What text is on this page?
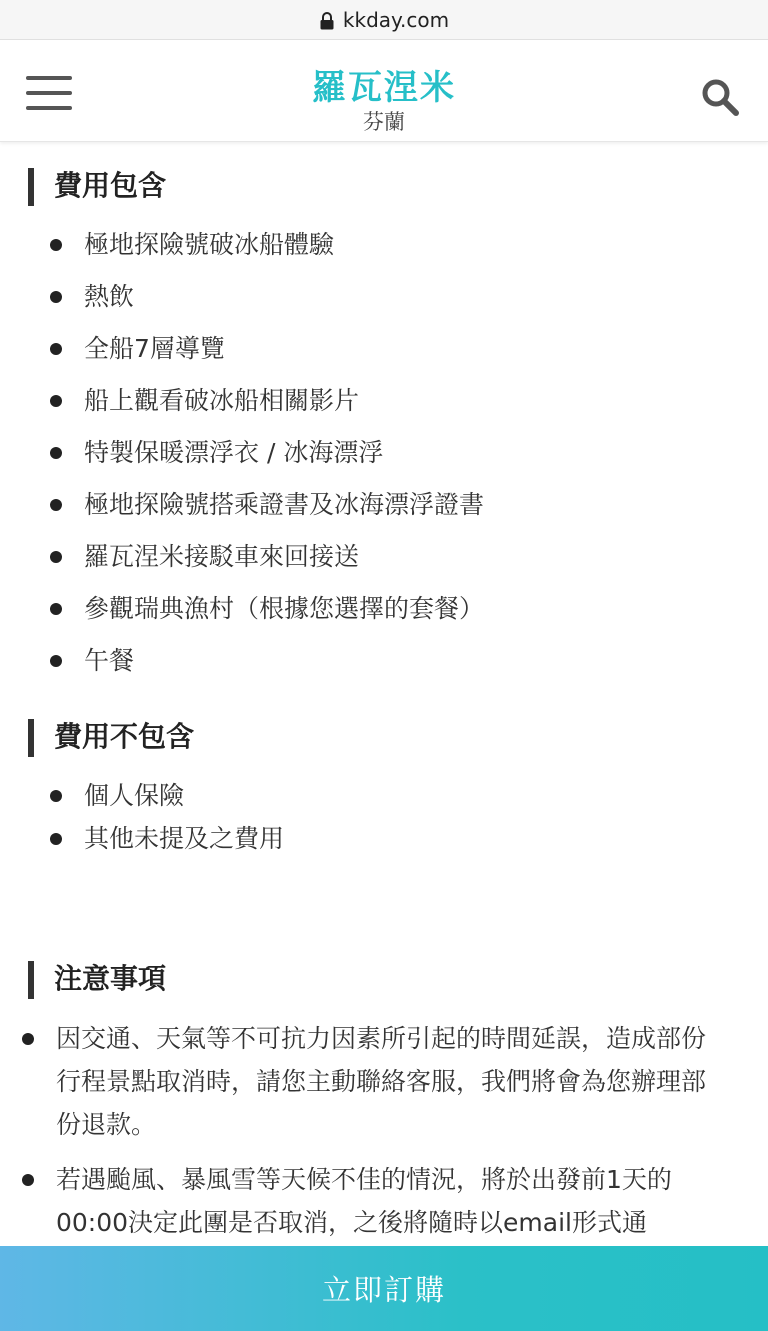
kkday.com
羅瓦涅米
芬蘭
費用包含
極地探險號破冰船體驗
熱飲
全船7層導覽
船上觀看破冰船相關影片
特製保暖漂浮衣 / 冰海漂浮
極地探險號搭乘證書及冰海漂浮證書
羅瓦涅米接駁車來回接送
參觀瑞典漁村（根據您選擇的套餐）
午餐
費用不包含
個人保險
其他未提及之費用
注意事項
因交通、天氣等不可抗力因素所引起的時間延誤，造成部份行程景點取消時，請您主動聯絡客服，我們將會為您辦理部份退款。
若遇颱風、暴風雪等天候不佳的情況，將於出發前1天的00:00決定此團是否取消，之後將隨時以email形式通
立即訂購
